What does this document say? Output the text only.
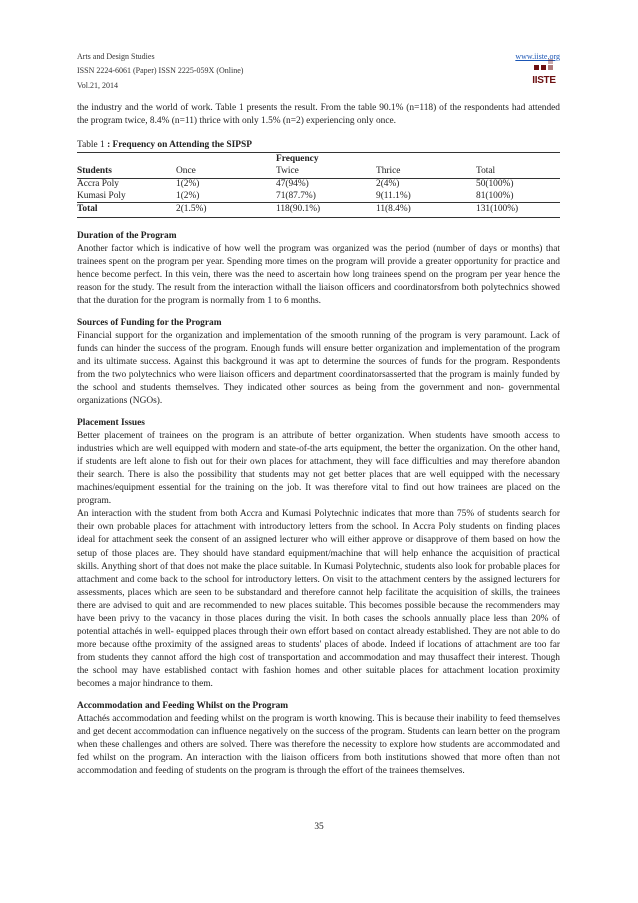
Arts and Design Studies
ISSN 2224-6061 (Paper) ISSN 2225-059X (Online)
Vol.21, 2014
www.iiste.org
IISTE

the industry and the world of work. Table 1 presents the result. From the table 90.1% (n=118) of the respondents had attended the program twice, 8.4% (n=11) thrice with only 1.5% (n=2) experiencing only once.

Table 1 : Frequency on Attending the SIPSP
		Frequency		
Students	Once	Twice	Thrice	Total
Accra Poly	1(2%)	47(94%)	2(4%)	50(100%)
Kumasi Poly	1(2%)	71(87.7%)	9(11.1%)	81(100%)
Total	2(1.5%)	118(90.1%)	11(8.4%)	131(100%)
Duration of the Program

Another factor which is indicative of how well the program was organized was the period (number of days or months) that trainees spent on the program per year. Spending more times on the program will provide a greater opportunity for practice and hence become perfect. In this vein, there was the need to ascertain how long trainees spend on the program per year hence the reason for the study. The result from the interaction withall the liaison officers and coordinatorsfrom both polytechnics showed that the duration for the program is normally from 1 to 6 months.

Sources of Funding for the Program

Financial support for the organization and implementation of the smooth running of the program is very paramount. Lack of funds can hinder the success of the program. Enough funds will ensure better organization and implementation of the program and its ultimate success. Against this background it was apt to determine the sources of funds for the program. Respondents from the two polytechnics who were liaison officers and department coordinatorsasserted that the program is mainly funded by the school and students themselves. They indicated other sources as being from the government and non- governmental organizations (NGOs).

Placement Issues

Better placement of trainees on the program is an attribute of better organization. When students have smooth access to industries which are well equipped with modern and state-of-the arts equipment, the better the organization. On the other hand, if students are left alone to fish out for their own places for attachment, they will face difficulties and may therefore abandon their search. There is also the possibility that students may not get better places that are well equipped with the necessary machines/equipment essential for the training on the job. It was therefore vital to find out how trainees are placed on the program.

An interaction with the student from both Accra and Kumasi Polytechnic indicates that more than 75% of students search for their own probable places for attachment with introductory letters from the school. In Accra Poly students on finding places ideal for attachment seek the consent of an assigned lecturer who will either approve or disapprove of them based on how the setup of those places are. They should have standard equipment/machine that will help enhance the acquisition of practical skills. Anything short of that does not make the place suitable. In Kumasi Polytechnic, students also look for probable places for attachment and come back to the school for introductory letters. On visit to the attachment centers by the assigned lecturers for assessments, places which are seen to be substandard and therefore cannot help facilitate the acquisition of skills, the trainees there are advised to quit and are recommended to new places suitable. This becomes possible because the recommenders may have been privy to the vacancy in those places during the visit. In both cases the schools annually place less than 20% of potential attachés in well- equipped places through their own effort based on contact already established. They are not able to do more because ofthe proximity of the assigned areas to students' places of abode. Indeed if locations of attachment are too far from students they cannot afford the high cost of transportation and accommodation and may thusaffect their interest. Though the school may have established contact with fashion homes and other suitable places for attachment location proximity becomes a major hindrance to them.

Accommodation and Feeding Whilst on the Program

Attachés accommodation and feeding whilst on the program is worth knowing. This is because their inability to feed themselves and get decent accommodation can influence negatively on the success of the program. Students can learn better on the program when these challenges and others are solved. There was therefore the necessity to explore how students are accommodated and fed whilst on the program. An interaction with the liaison officers from both institutions showed that more often than not accommodation and feeding of students on the program is through the effort of the trainees themselves.

35
